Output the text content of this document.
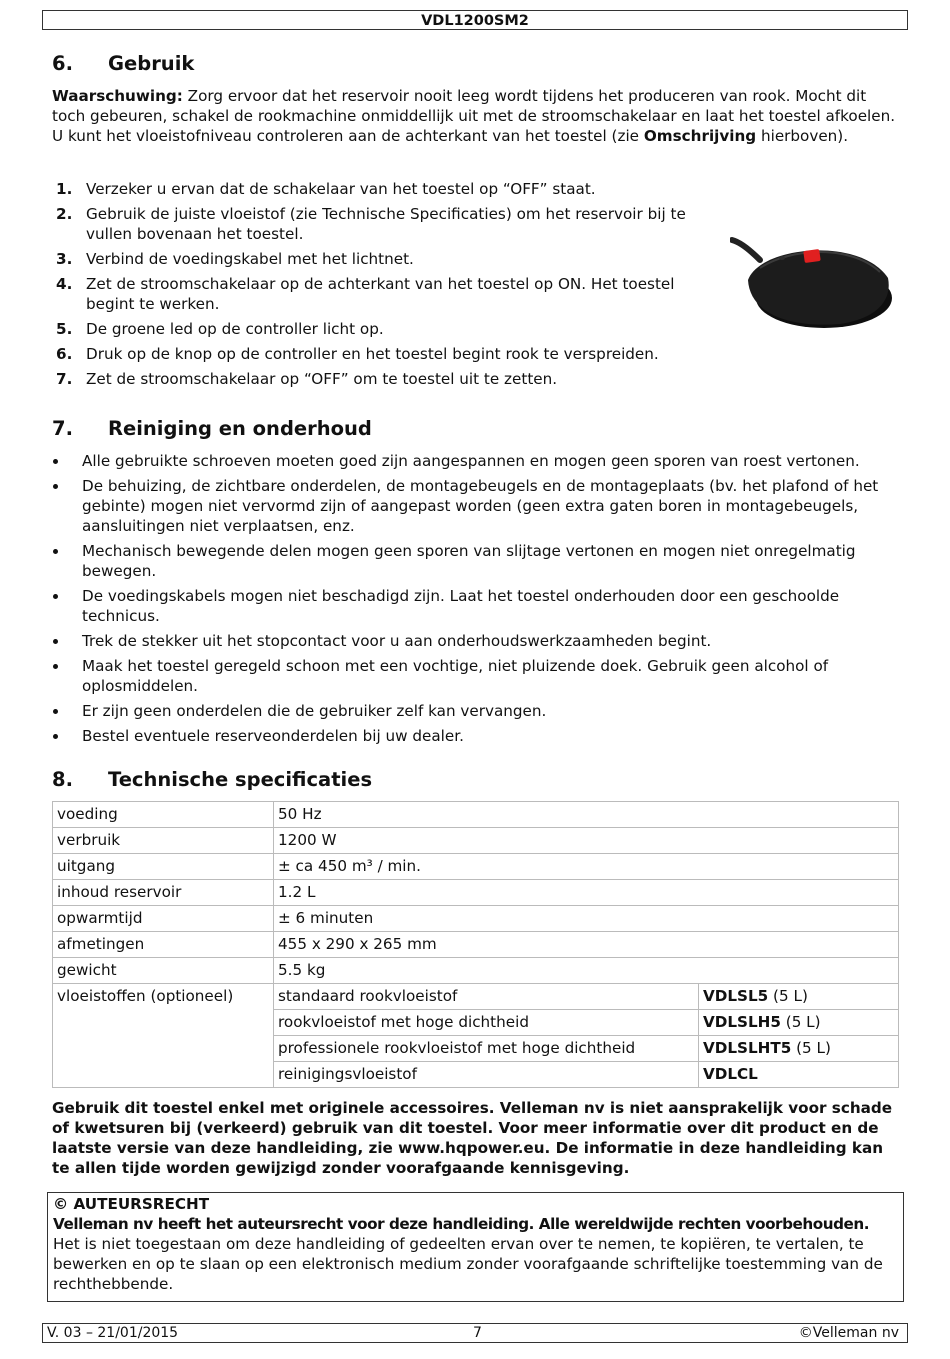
VDL1200SM2
6. Gebruik
Waarschuwing: Zorg ervoor dat het reservoir nooit leeg wordt tijdens het produceren van rook. Mocht dit toch gebeuren, schakel de rookmachine onmiddellijk uit met de stroomschakelaar en laat het toestel afkoelen. U kunt het vloeistofniveau controleren aan de achterkant van het toestel (zie Omschrijving hierboven).
1. Verzeker u ervan dat de schakelaar van het toestel op “OFF” staat.
2. Gebruik de juiste vloeistof (zie Technische Specificaties) om het reservoir bij te vullen bovenaan het toestel.
3. Verbind de voedingskabel met het lichtnet.
4. Zet de stroomschakelaar op de achterkant van het toestel op ON. Het toestel begint te werken.
5. De groene led op de controller licht op.
6. Druk op de knop op de controller en het toestel begint rook te verspreiden.
7. Zet de stroomschakelaar op “OFF” om te toestel uit te zetten.
7. Reiniging en onderhoud
Alle gebruikte schroeven moeten goed zijn aangespannen en mogen geen sporen van roest vertonen.
De behuizing, de zichtbare onderdelen, de montagebeugels en de montageplaats (bv. het plafond of het gebinte) mogen niet vervormd zijn of aangepast worden (geen extra gaten boren in montagebeugels, aansluitingen niet verplaatsen, enz.
Mechanisch bewegende delen mogen geen sporen van slijtage vertonen en mogen niet onregelmatig bewegen.
De voedingskabels mogen niet beschadigd zijn. Laat het toestel onderhouden door een geschoolde technicus.
Trek de stekker uit het stopcontact voor u aan onderhoudswerkzaamheden begint.
Maak het toestel geregeld schoon met een vochtige, niet pluizende doek. Gebruik geen alcohol of oplosmiddelen.
Er zijn geen onderdelen die de gebruiker zelf kan vervangen.
Bestel eventuele reserveonderdelen bij uw dealer.
8. Technische specificaties
voeding	50 Hz	
verbruik	1200 W	
uitgang	± ca 450 m³ / min.	
inhoud reservoir	1.2 L	
opwarmtijd	± 6 minuten	
afmetingen	455 x 290 x 265 mm	
gewicht	5.5 kg	
vloeistoffen (optioneel)	standaard rookvloeistof	VDLSL5 (5 L)
	rookvloeistof met hoge dichtheid	VDLSLH5 (5 L)
	professionele rookvloeistof met hoge dichtheid	VDLSLHT5 (5 L)
	reinigingsvloeistof	VDLCL
Gebruik dit toestel enkel met originele accessoires. Velleman nv is niet aansprakelijk voor schade of kwetsuren bij (verkeerd) gebruik van dit toestel. Voor meer informatie over dit product en de laatste versie van deze handleiding, zie www.hqpower.eu. De informatie in deze handleiding kan te allen tijde worden gewijzigd zonder voorafgaande kennisgeving.
© AUTEURSRECHT
Velleman nv heeft het auteursrecht voor deze handleiding. Alle wereldwijde rechten voorbehouden.
Het is niet toegestaan om deze handleiding of gedeelten ervan over te nemen, te kopiëren, te vertalen, te bewerken en op te slaan op een elektronisch medium zonder voorafgaande schriftelijke toestemming van de rechthebbende.
V. 03 – 21/01/2015	7	©Velleman nv
